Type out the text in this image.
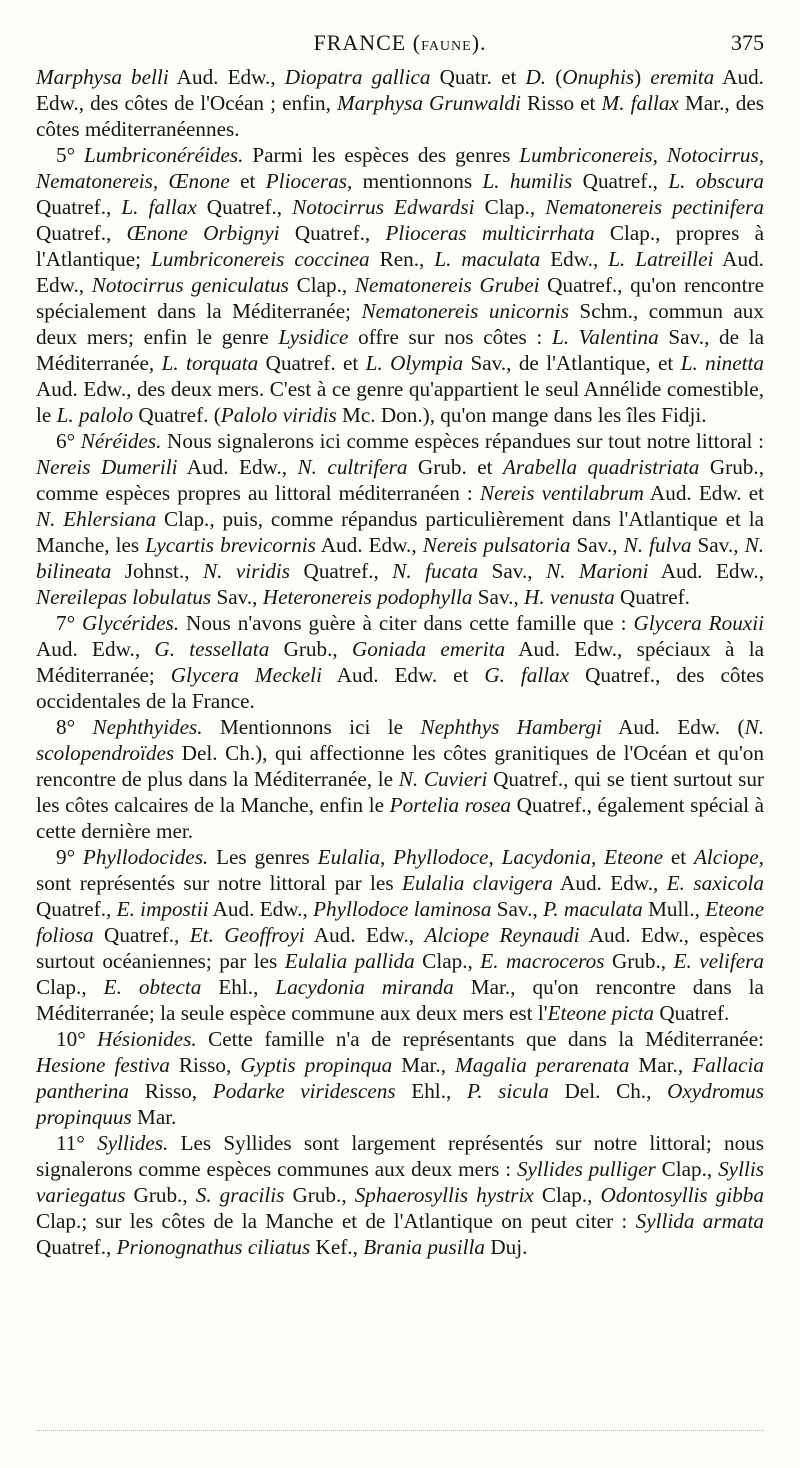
FRANCE (FAUNE).	375

Marphysa belli Aud. Edw., Diopatra gallica Quatr. et D. (Onuphis) eremita Aud. Edw., des côtes de l'Océan ; enfin, Marphysa Grunwaldi Risso et M. fallax Mar., des côtes méditerranéennes.

5° Lumbriconéréides. Parmi les espèces des genres Lumbriconereis, Notocirrus, Nematonereis, Œnone et Plioceras, mentionnons L. humilis Quatref., L. obscura Quatref., L. fallax Quatref., Notocirrus Edwardsi Clap., Nematonereis pectinifera Quatref., Œnone Orbignyi Quatref., Plioceras multicirrhata Clap., propres à l'Atlantique; Lumbriconereis coccinea Ren., L. maculata Edw., L. Latreillei Aud. Edw., Notocirrus geniculatus Clap., Nematonereis Grubei Quatref., qu'on rencontre spécialement dans la Méditerranée; Nematonereis unicornis Schm., commun aux deux mers; enfin le genre Lysidice offre sur nos côtes : L. Valentina Sav., de la Méditerranée, L. torquata Quatref. et L. Olympia Sav., de l'Atlantique, et L. ninetta Aud. Edw., des deux mers. C'est à ce genre qu'appartient le seul Annélide comestible, le L. palolo Quatref. (Palolo viridis Mc. Don.), qu'on mange dans les îles Fidji.

6° Néréides. Nous signalerons ici comme espèces répandues sur tout notre littoral : Nereis Dumerili Aud. Edw., N. cultrifera Grub. et Arabella quadristriata Grub., comme espèces propres au littoral méditerranéen : Nereis ventilabrum Aud. Edw. et N. Ehlersiana Clap., puis, comme répandus particulièrement dans l'Atlantique et la Manche, les Lycartis brevicornis Aud. Edw., Nereis pulsatoria Sav., N. fulva Sav., N. bilineata Johnst., N. viridis Quatref., N. fucata Sav., N. Marioni Aud. Edw., Nereilepas lobulatus Sav., Heteronereis podophylla Sav., H. venusta Quatref.

7° Glycérides. Nous n'avons guère à citer dans cette famille que : Glycera Rouxii Aud. Edw., G. tessellata Grub., Goniada emerita Aud. Edw., spéciaux à la Méditerranée; Glycera Meckeli Aud. Edw. et G. fallax Quatref., des côtes occidentales de la France.

8° Nephthyides. Mentionnons ici le Nephthys Hambergi Aud. Edw. (N. scolopendroïdes Del. Ch.), qui affectionne les côtes granitiques de l'Océan et qu'on rencontre de plus dans la Méditerranée, le N. Cuvieri Quatref., qui se tient surtout sur les côtes calcaires de la Manche, enfin le Portelia rosea Quatref., également spécial à cette dernière mer.

9° Phyllodocides. Les genres Eulalia, Phyllodoce, Lacydonia, Eteone et Alciope, sont représentés sur notre littoral par les Eulalia clavigera Aud. Edw., E. saxicola Quatref., E. impostii Aud. Edw., Phyllodoce laminosa Sav., P. maculata Mull., Eteone foliosa Quatref., Et. Geoffroyi Aud. Edw., Alciope Reynaudi Aud. Edw., espèces surtout océaniennes; par les Eulalia pallida Clap., E. macroceros Grub., E. velifera Clap., E. obtecta Ehl., Lacydonia miranda Mar., qu'on rencontre dans la Méditerranée; la seule espèce commune aux deux mers est l'Eteone picta Quatref.

10° Hésionides. Cette famille n'a de représentants que dans la Méditerranée: Hesione festiva Risso, Gyptis propinqua Mar., Magalia perarenata Mar., Fallacia pantherina Risso, Podarke viridescens Ehl., P. sicula Del. Ch., Oxydromus propinquus Mar.

11° Syllides. Les Syllides sont largement représentés sur notre littoral; nous signalerons comme espèces communes aux deux mers : Syllides pulliger Clap., Syllis variegatus Grub., S. gracilis Grub., Sphaerosyllis hystrix Clap., Odontosyllis gibba Clap.; sur les côtes de la Manche et de l'Atlantique on peut citer : Syllida armata Quatref., Prionognathus ciliatus Kef., Brania pusilla Duj.
